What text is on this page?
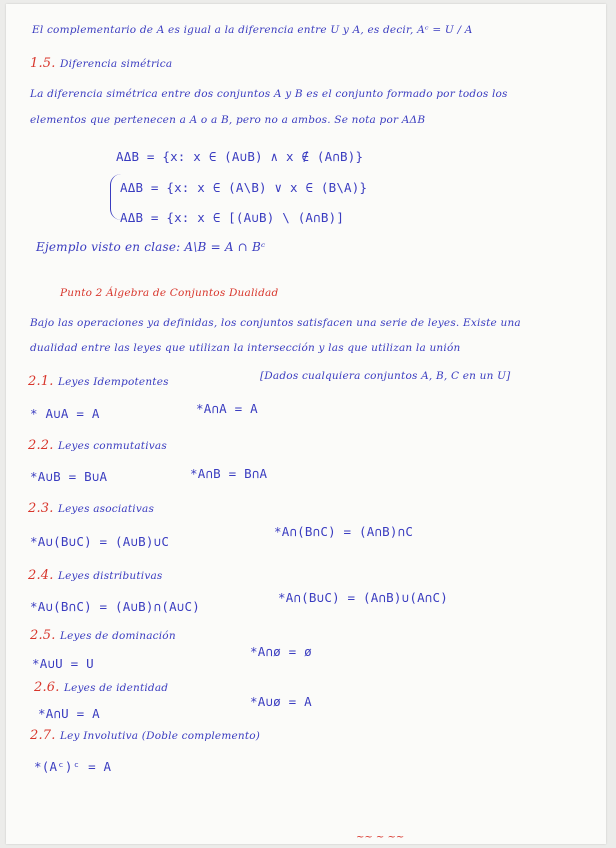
El complementario de A es igual a la diferencia entre U y A, es decir, Aᶜ = U / A
1.5. Diferencia simétrica
La diferencia simétrica entre dos conjuntos A y B es el conjunto formado por todos los
elementos que pertenecen a A o a B, pero no a ambos. Se nota por AΔB
AΔB = {x: x ∈ (A∪B) ∧ x ∉ (A∩B)}
AΔB = {x: x ∈ (A\B) ∨ x ∈ (B\A)}
AΔB = {x: x ∈ [(A∪B) \ (A∩B)]
Ejemplo visto en clase: A\B = A ∩ Bᶜ
Punto 2 Álgebra de Conjuntos Dualidad
Bajo las operaciones ya definidas, los conjuntos satisfacen una serie de leyes. Existe una
dualidad entre las leyes que utilizan la intersección y las que utilizan la unión
2.1. Leyes Idempotentes	[Dados cualquiera conjuntos A, B, C en un U]
* A∪A = A	*A∩A = A
2.2. Leyes conmutativas
*A∪B = B∪A	*A∩B = B∩A
2.3. Leyes asociativas
*A∪(B∪C) = (A∪B)∪C
*A∩(B∩C) = (A∩B)∩C
2.4. Leyes distributivas
*A∪(B∩C) = (A∪B)∩(A∪C)
*A∩(B∪C) = (A∩B)∪(A∩C)
2.5. Leyes de dominación
*A∪U = U
*A∩ø = ø
2.6. Leyes de identidad
*A∩U = A
*A∪ø = A
2.7. Ley Involutiva (Doble complemento)
*(Aᶜ)ᶜ = A
~~ ~ ~~
